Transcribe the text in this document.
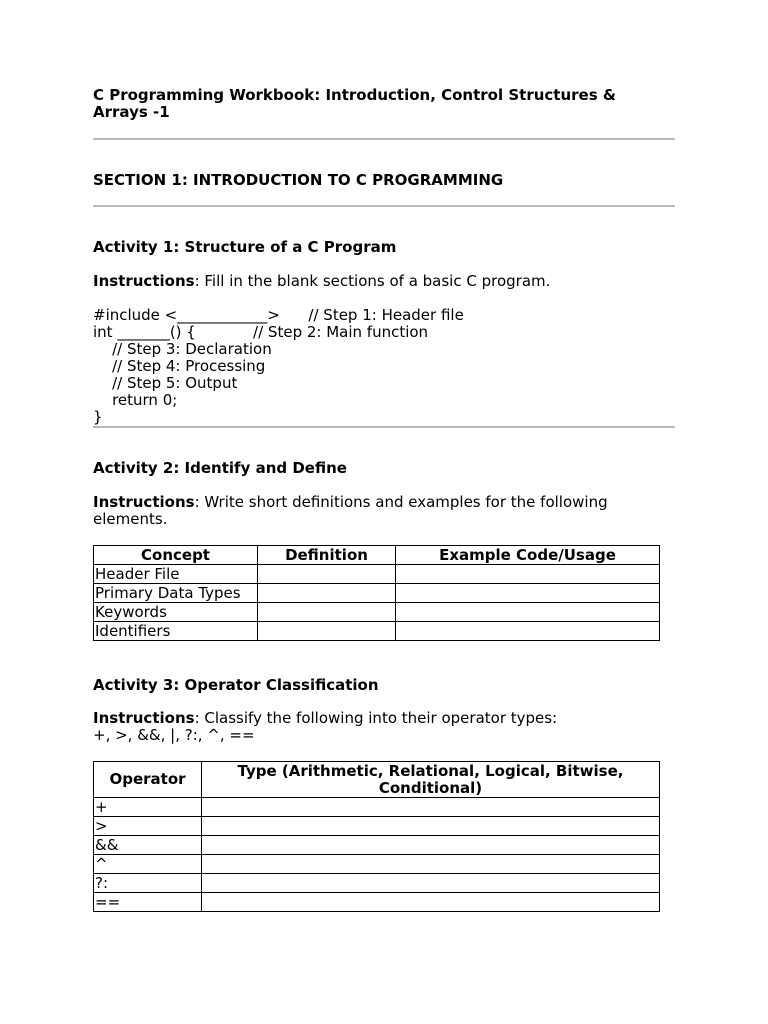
C Programming Workbook: Introduction, Control Structures & Arrays -1
SECTION 1: INTRODUCTION TO C PROGRAMMING
Activity 1: Structure of a C Program
Instructions: Fill in the blank sections of a basic C program.
#include <____________>      // Step 1: Header file
int _______() {            // Step 2: Main function
// Step 3: Declaration
// Step 4: Processing
// Step 5: Output
return 0;
}
Activity 2: Identify and Define
Instructions: Write short definitions and examples for the following elements.
Concept	Definition	Example Code/Usage
Header File		
Primary Data Types		
Keywords		
Identifiers		
Activity 3: Operator Classification
Instructions: Classify the following into their operator types:
+, >, &&, |, ?:, ^, ==
Operator	Type (Arithmetic, Relational, Logical, Bitwise, Conditional)
+	
>	
&&	
^	
?:	
==	
